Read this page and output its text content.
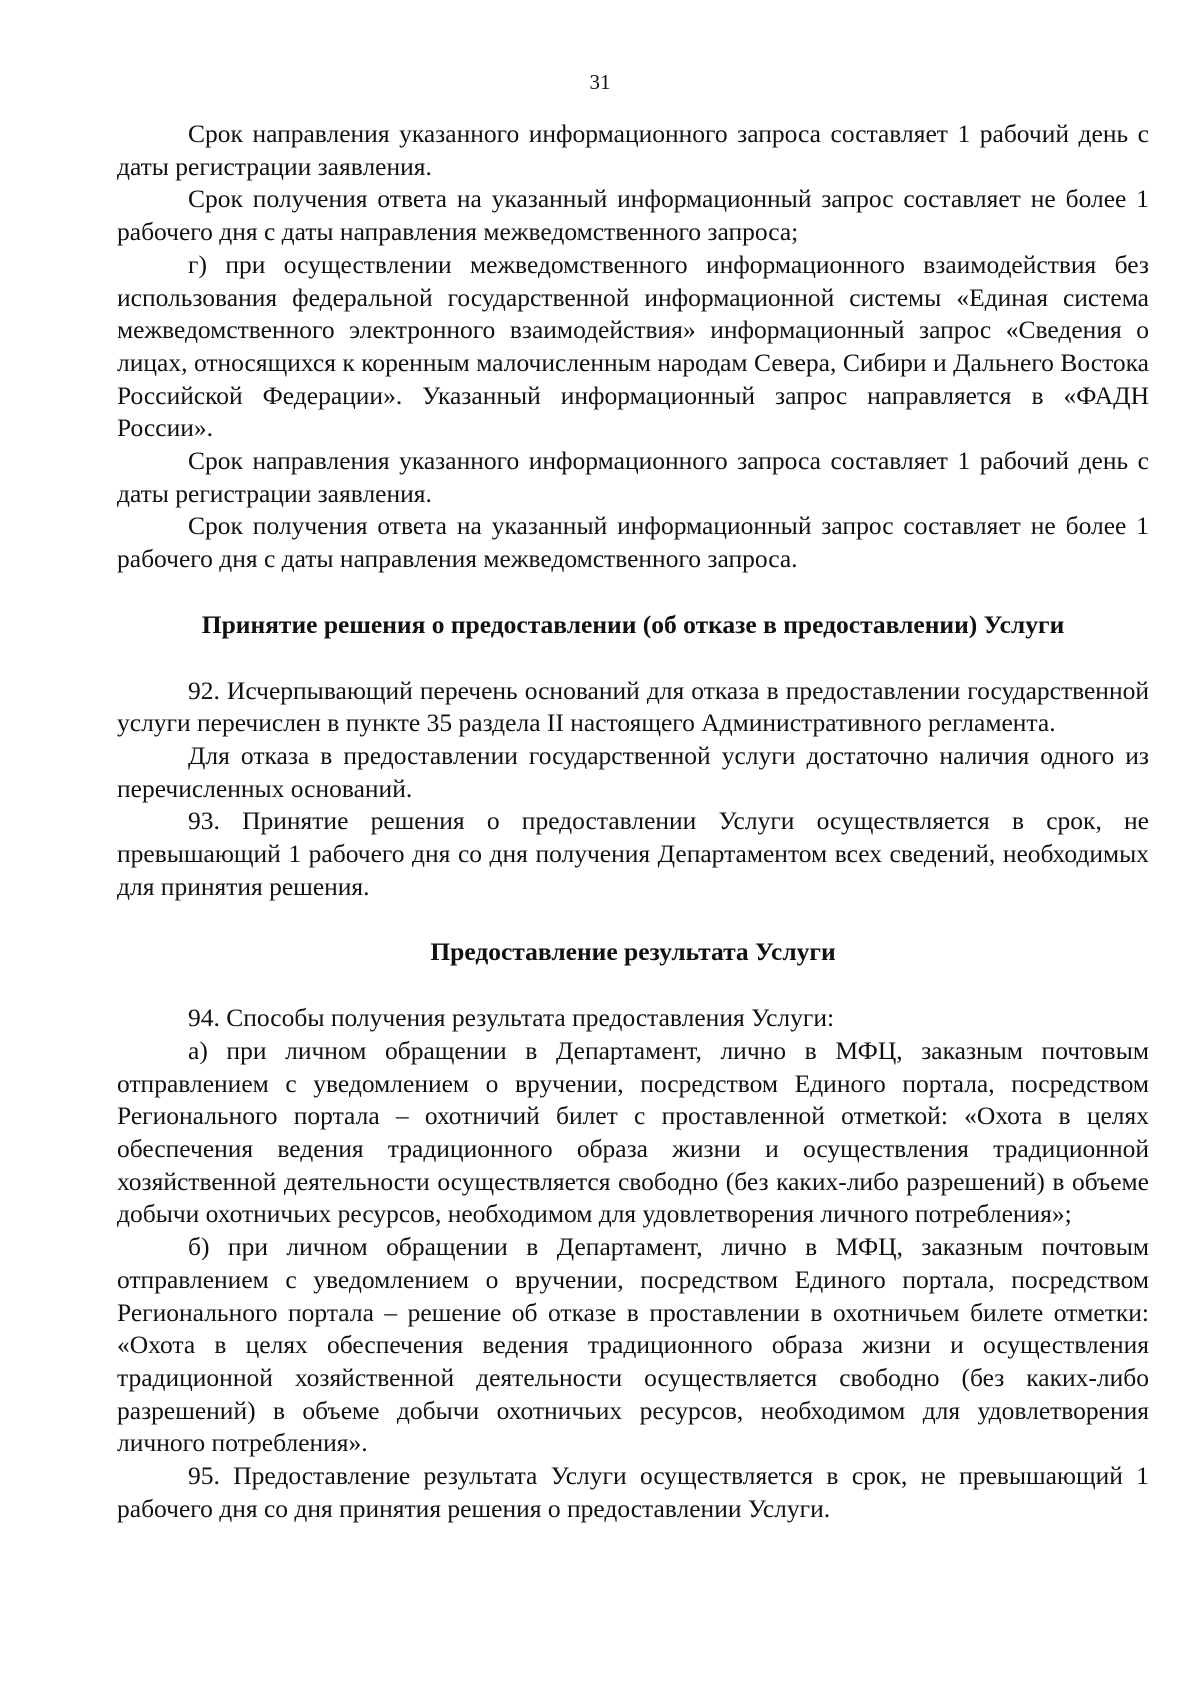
31

Срок направления указанного информационного запроса составляет 1 рабочий день с даты регистрации заявления.

Срок получения ответа на указанный информационный запрос составляет не более 1 рабочего дня с даты направления межведомственного запроса;

г) при осуществлении межведомственного информационного взаимодействия без использования федеральной государственной информационной системы «Единая система межведомственного электронного взаимодействия» информационный запрос «Сведения о лицах, относящихся к коренным малочисленным народам Севера, Сибири и Дальнего Востока Российской Федерации». Указанный информационный запрос направляется в «ФАДН России».

Срок направления указанного информационного запроса составляет 1 рабочий день с даты регистрации заявления.

Срок получения ответа на указанный информационный запрос составляет не более 1 рабочего дня с даты направления межведомственного запроса.

Принятие решения о предоставлении (об отказе в предоставлении) Услуги

92. Исчерпывающий перечень оснований для отказа в предоставлении государственной услуги перечислен в пункте 35 раздела II настоящего Административного регламента.

Для отказа в предоставлении государственной услуги достаточно наличия одного из перечисленных оснований.

93. Принятие решения о предоставлении Услуги осуществляется в срок, не превышающий 1 рабочего дня со дня получения Департаментом всех сведений, необходимых для принятия решения.

Предоставление результата Услуги

94. Способы получения результата предоставления Услуги:

а) при личном обращении в Департамент, лично в МФЦ, заказным почтовым отправлением с уведомлением о вручении, посредством Единого портала, посредством Регионального портала – охотничий билет с проставленной отметкой: «Охота в целях обеспечения ведения традиционного образа жизни и осуществления традиционной хозяйственной деятельности осуществляется свободно (без каких-либо разрешений) в объеме добычи охотничьих ресурсов, необходимом для удовлетворения личного потребления»;

б) при личном обращении в Департамент, лично в МФЦ, заказным почтовым отправлением с уведомлением о вручении, посредством Единого портала, посредством Регионального портала – решение об отказе в проставлении в охотничьем билете отметки: «Охота в целях обеспечения ведения традиционного образа жизни и осуществления традиционной хозяйственной деятельности осуществляется свободно (без каких-либо разрешений) в объеме добычи охотничьих ресурсов, необходимом для удовлетворения личного потребления».

95. Предоставление результата Услуги осуществляется в срок, не превышающий 1 рабочего дня со дня принятия решения о предоставлении Услуги.
